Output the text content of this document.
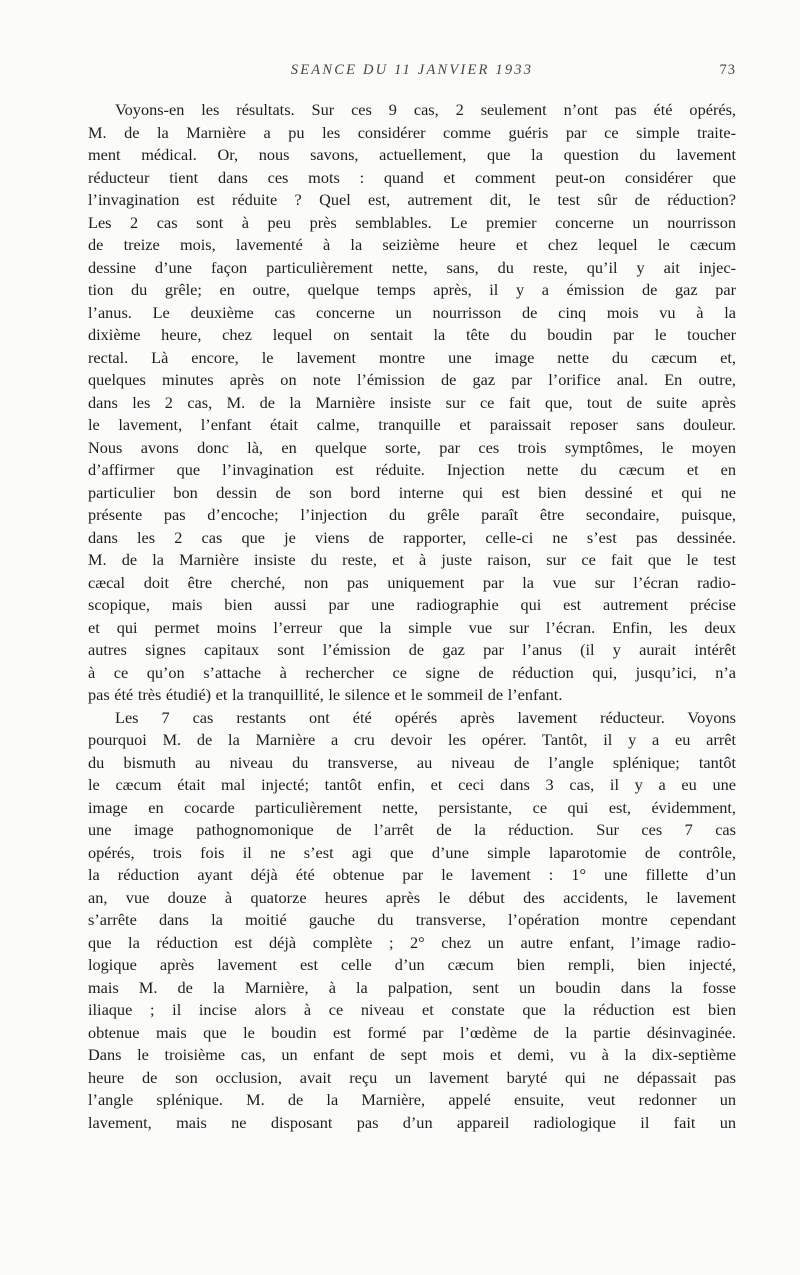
SEANCE DU 11 JANVIER 1933	73
Voyons-en les résultats. Sur ces 9 cas, 2 seulement n’ont pas été opérés,
M. de la Marnière a pu les considérer comme guéris par ce simple traite-
ment médical. Or, nous savons, actuellement, que la question du lavement
réducteur tient dans ces mots : quand et comment peut-on considérer que
l’invagination est réduite ? Quel est, autrement dit, le test sûr de réduction?
Les 2 cas sont à peu près semblables. Le premier concerne un nourrisson
de treize mois, lavementé à la seizième heure et chez lequel le cæcum
dessine d’une façon particulièrement nette, sans, du reste, qu’il y ait injec-
tion du grêle; en outre, quelque temps après, il y a émission de gaz par
l’anus. Le deuxième cas concerne un nourrisson de cinq mois vu à la
dixième heure, chez lequel on sentait la tête du boudin par le toucher
rectal. Là encore, le lavement montre une image nette du cæcum et,
quelques minutes après on note l’émission de gaz par l’orifice anal. En outre,
dans les 2 cas, M. de la Marnière insiste sur ce fait que, tout de suite après
le lavement, l’enfant était calme, tranquille et paraissait reposer sans douleur.
Nous avons donc là, en quelque sorte, par ces trois symptômes, le moyen
d’affirmer que l’invagination est réduite. Injection nette du cæcum et en
particulier bon dessin de son bord interne qui est bien dessiné et qui ne
présente pas d’encoche; l’injection du grêle paraît être secondaire, puisque,
dans les 2 cas que je viens de rapporter, celle-ci ne s’est pas dessinée.
M. de la Marnière insiste du reste, et à juste raison, sur ce fait que le test
cæcal doit être cherché, non pas uniquement par la vue sur l’écran radio-
scopique, mais bien aussi par une radiographie qui est autrement précise
et qui permet moins l’erreur que la simple vue sur l’écran. Enfin, les deux
autres signes capitaux sont l’émission de gaz par l’anus (il y aurait intérêt
à ce qu’on s’attache à rechercher ce signe de réduction qui, jusqu’ici, n’a
pas été très étudié) et la tranquillité, le silence et le sommeil de l’enfant.
Les 7 cas restants ont été opérés après lavement réducteur. Voyons
pourquoi M. de la Marnière a cru devoir les opérer. Tantôt, il y a eu arrêt
du bismuth au niveau du transverse, au niveau de l’angle splénique; tantôt
le cæcum était mal injecté; tantôt enfin, et ceci dans 3 cas, il y a eu une
image en cocarde particulièrement nette, persistante, ce qui est, évidemment,
une image pathognomonique de l’arrêt de la réduction. Sur ces 7 cas
opérés, trois fois il ne s’est agi que d’une simple laparotomie de contrôle,
la réduction ayant déjà été obtenue par le lavement : 1° une fillette d’un
an, vue douze à quatorze heures après le début des accidents, le lavement
s’arrête dans la moitié gauche du transverse, l’opération montre cependant
que la réduction est déjà complète ; 2° chez un autre enfant, l’image radio-
logique après lavement est celle d’un cæcum bien rempli, bien injecté,
mais M. de la Marnière, à la palpation, sent un boudin dans la fosse
iliaque ; il incise alors à ce niveau et constate que la réduction est bien
obtenue mais que le boudin est formé par l’œdème de la partie désinvaginée.
Dans le troisième cas, un enfant de sept mois et demi, vu à la dix-septième
heure de son occlusion, avait reçu un lavement baryté qui ne dépassait pas
l’angle splénique. M. de la Marnière, appelé ensuite, veut redonner un
lavement, mais ne disposant pas d’un appareil radiologique il fait un
